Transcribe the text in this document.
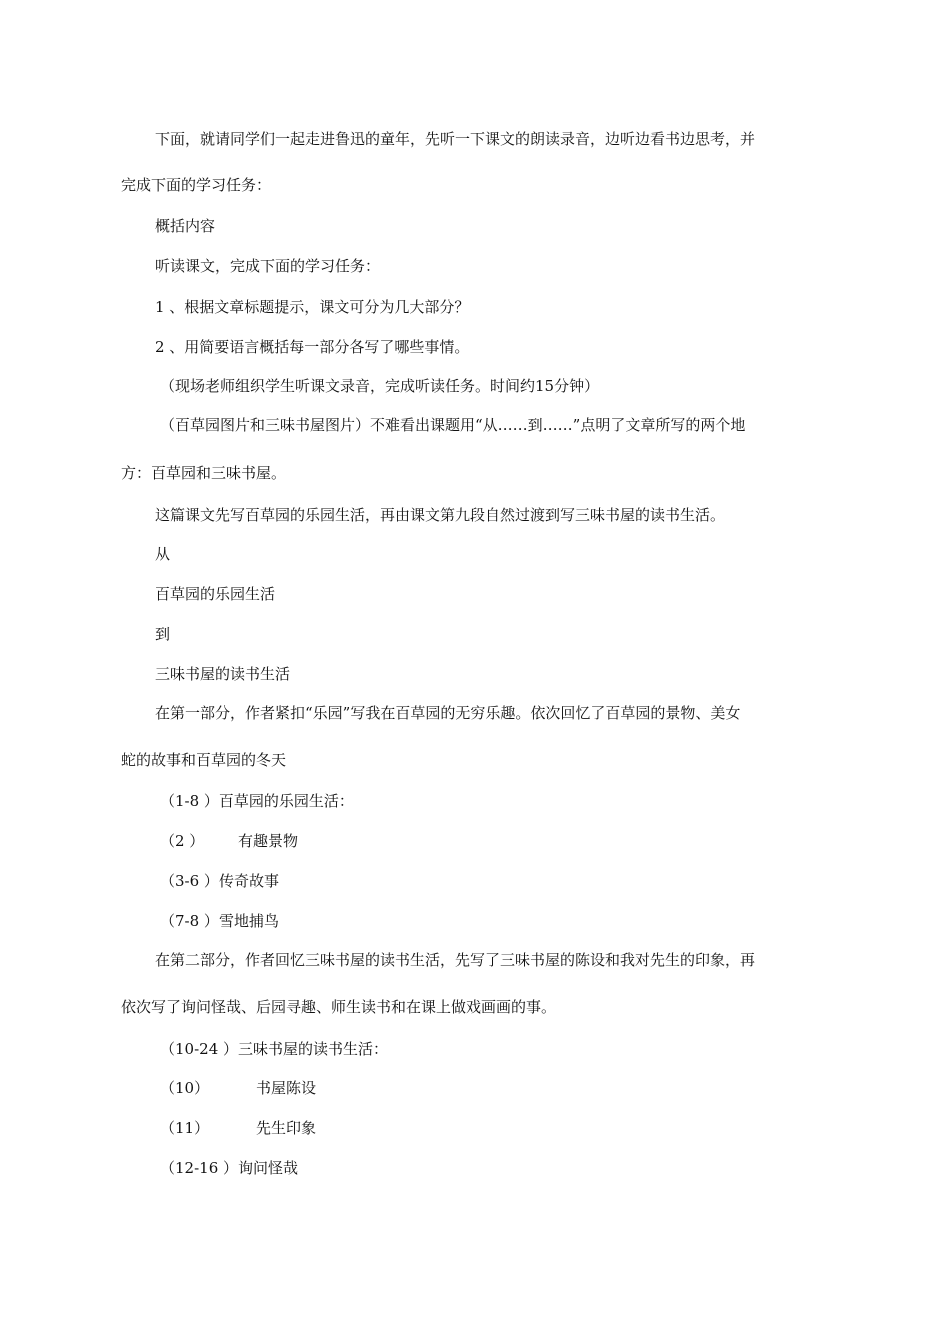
下面，就请同学们一起走进鲁迅的童年，先听一下课文的朗读录音，边听边看书边思考，并
完成下面的学习任务：
概括内容
听读课文，完成下面的学习任务：
1 、根据文章标题提示，课文可分为几大部分？
2 、用简要语言概括每一部分各写了哪些事情。
（现场老师组织学生听课文录音，完成听读任务。时间约15分钟）
（百草园图片和三味书屋图片）不难看出课题用“从……到……”点明了文章所写的两个地
方：百草园和三味书屋。
这篇课文先写百草园的乐园生活，再由课文第九段自然过渡到写三味书屋的读书生活。
从
百草园的乐园生活
到
三味书屋的读书生活
在第一部分，作者紧扣“乐园”写我在百草园的无穷乐趣。依次回忆了百草园的景物、美女
蛇的故事和百草园的冬天
（1-8 ）百草园的乐园生活：
（2 ） 有趣景物
（3-6 ）传奇故事
（7-8 ）雪地捕鸟
在第二部分，作者回忆三味书屋的读书生活，先写了三味书屋的陈设和我对先生的印象，再
依次写了询问怪哉、后园寻趣、师生读书和在课上做戏画画的事。
（10-24 ）三味书屋的读书生活：
（10）	书屋陈设
（11）	先生印象
（12-16 ）询问怪哉
